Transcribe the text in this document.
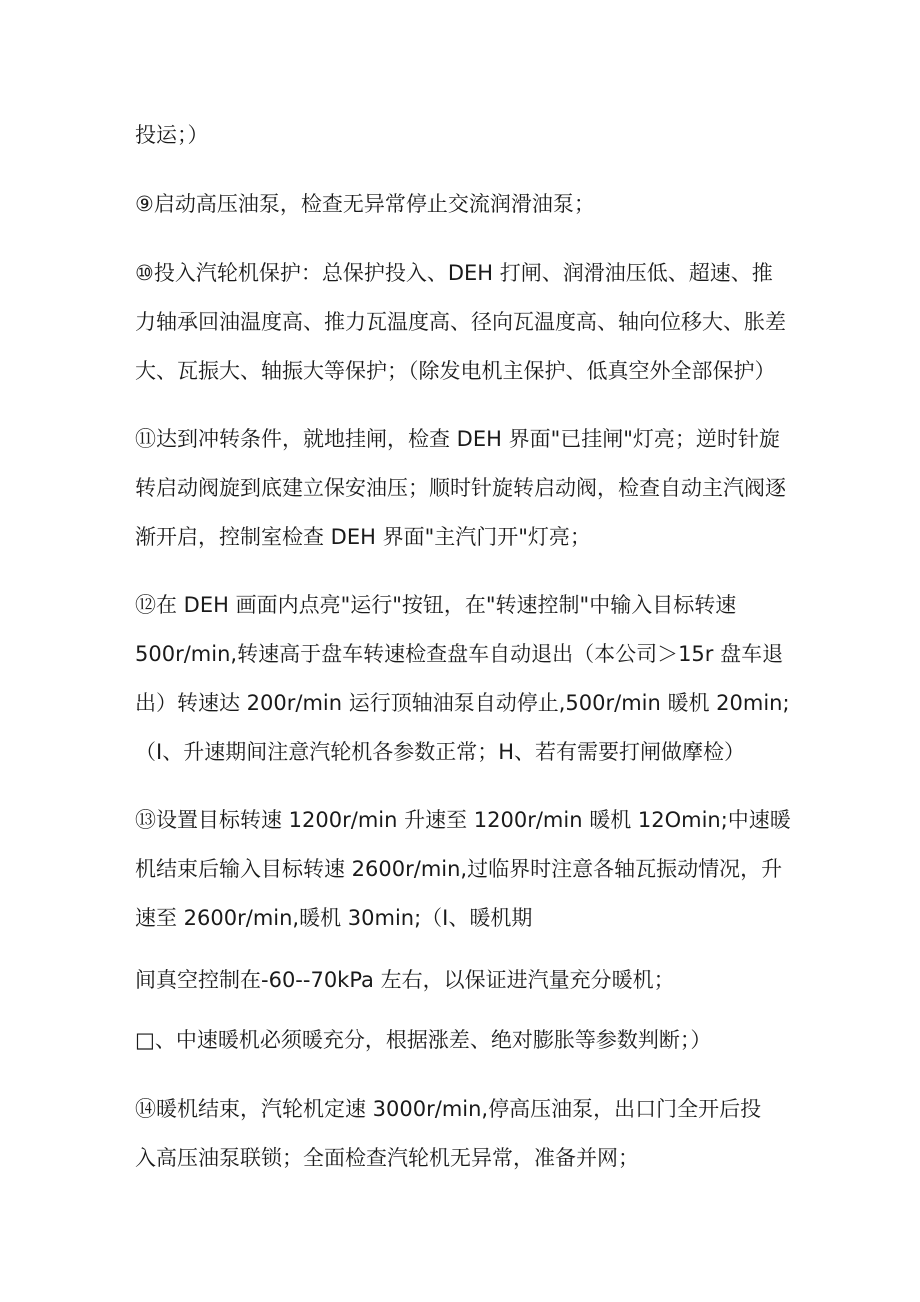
投运；）
⑨启动高压油泵，检查无异常停止交流润滑油泵；
⑩投入汽轮机保护：总保护投入、DEH 打闸、润滑油压低、超速、推
力轴承回油温度高、推力瓦温度高、径向瓦温度高、轴向位移大、胀差
大、瓦振大、轴振大等保护；（除发电机主保护、低真空外全部保护）
⑪达到冲转条件，就地挂闸，检查 DEH 界面"已挂闸"灯亮；逆时针旋
转启动阀旋到底建立保安油压；顺时针旋转启动阀，检查自动主汽阀逐
渐开启，控制室检查 DEH 界面"主汽门开"灯亮；
⑫在 DEH 画面内点亮"运行"按钮，在"转速控制"中输入目标转速
500r/min,转速高于盘车转速检查盘车自动退出（本公司＞15r 盘车退
出）转速达 200r/min 运行顶轴油泵自动停止,500r/min 暖机 20min;
（I、升速期间注意汽轮机各参数正常；H、若有需要打闸做摩检）
⑬设置目标转速 1200r/min 升速至 1200r/min 暖机 12Omin;中速暖
机结束后输入目标转速 2600r/min,过临界时注意各轴瓦振动情况，升
速至 2600r/min,暖机 30min;（I、暖机期
间真空控制在-60--70kPa 左右，以保证进汽量充分暖机；
□、中速暖机必须暖充分，根据涨差、绝对膨胀等参数判断；）
⑭暖机结束，汽轮机定速 3000r/min,停高压油泵，出口门全开后投
入高压油泵联锁；全面检查汽轮机无异常，准备并网；
